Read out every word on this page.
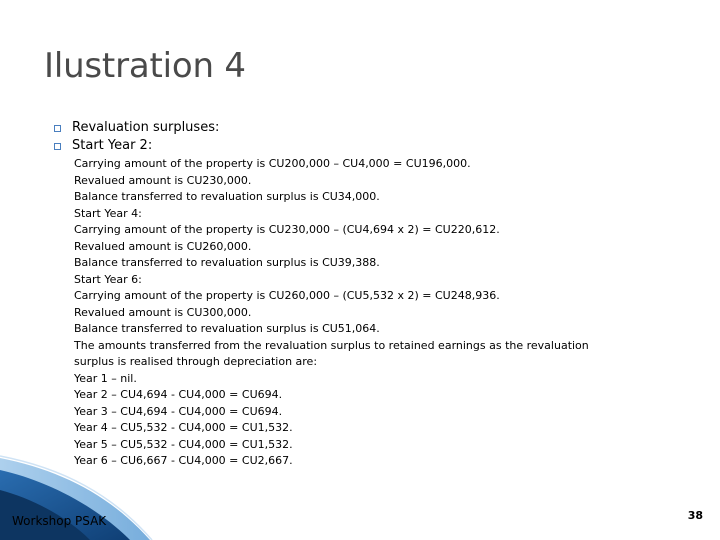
Ilustration 4
Revaluation surpluses:
Start Year 2:
Carrying amount of the property is CU200,000 – CU4,000 = CU196,000.
Revalued amount is CU230,000.
Balance transferred to revaluation surplus is CU34,000.
Start Year 4:
Carrying amount of the property is CU230,000 – (CU4,694 x 2) = CU220,612.
Revalued amount is CU260,000.
Balance transferred to revaluation surplus is CU39,388.
Start Year 6:
Carrying amount of the property is CU260,000 – (CU5,532 x 2) = CU248,936.
Revalued amount is CU300,000.
Balance transferred to revaluation surplus is CU51,064.
The amounts transferred from the revaluation surplus to retained earnings as the revaluation
surplus is realised through depreciation are:
Year 1 – nil.
Year 2 – CU4,694 - CU4,000 = CU694.
Year 3 – CU4,694 - CU4,000 = CU694.
Year 4 – CU5,532 - CU4,000 = CU1,532.
Year 5 – CU5,532 - CU4,000 = CU1,532.
Year 6 – CU6,667 - CU4,000 = CU2,667.
Workshop PSAK	38
